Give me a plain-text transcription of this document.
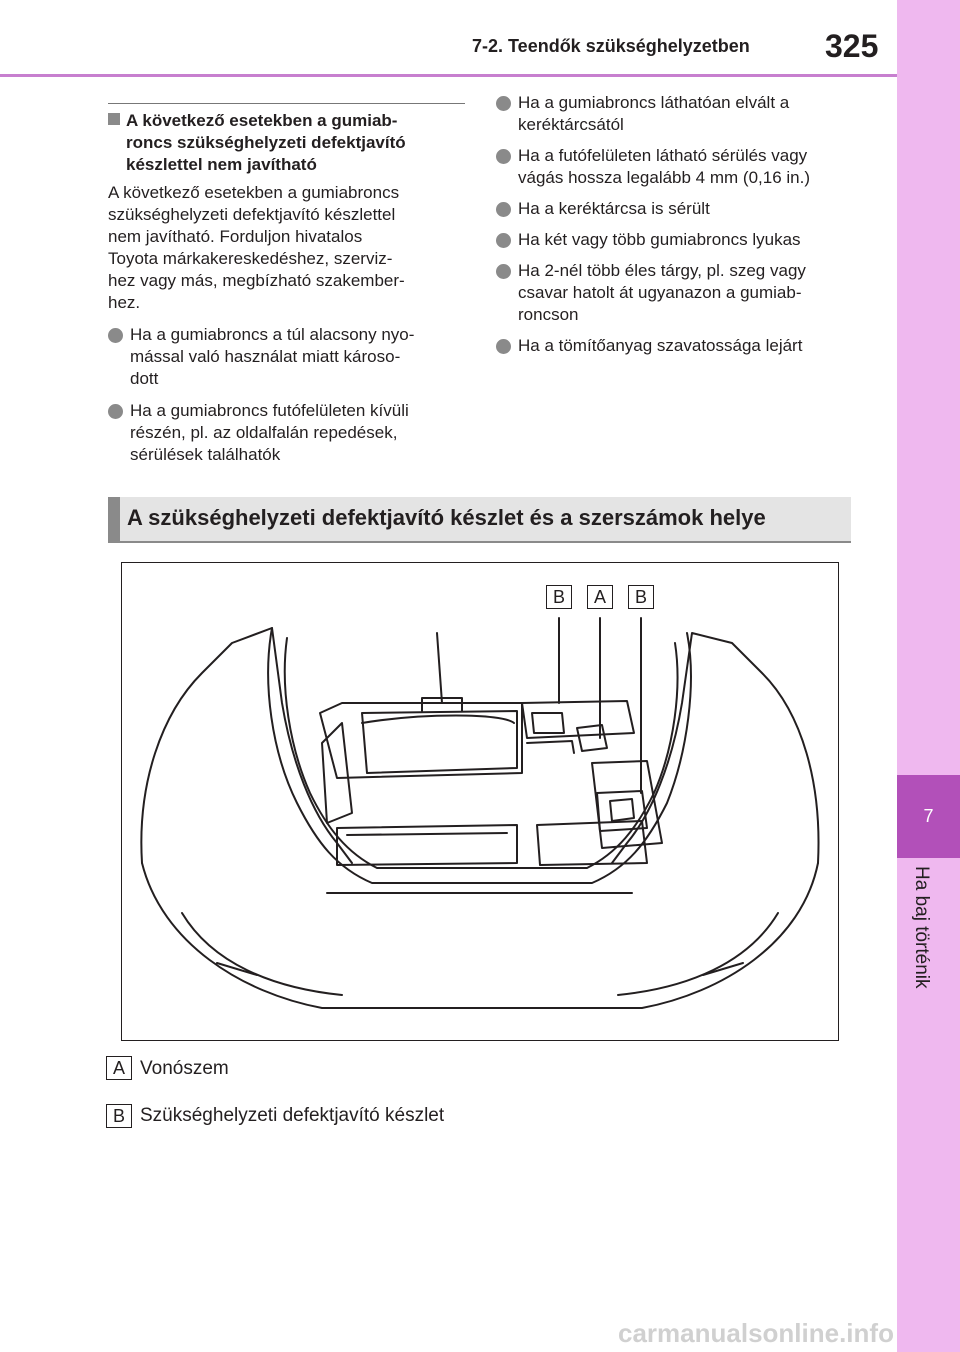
7-2. Teendők szükséghelyzetben 325
7
Ha baj történik
A következő esetekben a gumiab-
roncs szükséghelyzeti defektjavító
készlettel nem javítható
A következő esetekben a gumiabroncs
szükséghelyzeti defektjavító készlettel
nem javítható. Forduljon hivatalos
Toyota márkakereskedéshez, szerviz-
hez vagy más, megbízható szakember-
hez.
Ha a gumiabroncs a túl alacsony nyo-
mással való használat miatt károso-
dott
Ha a gumiabroncs futófelületen kívüli
részén, pl. az oldalfalán repedések,
sérülések találhatók
Ha a gumiabroncs láthatóan elvált a
keréktárcsától
Ha a futófelületen látható sérülés vagy
vágás hossza legalább 4 mm (0,16 in.)
Ha a keréktárcsa is sérült
Ha két vagy több gumiabroncs lyukas
Ha 2-nél több éles tárgy, pl. szeg vagy
csavar hatolt át ugyanazon a gumiab-
roncson
Ha a tömítőanyag szavatossága lejárt
A szükséghelyzeti defektjavító készlet és a szerszámok helye
B	A	B
A Vonószem
B Szükséghelyzeti defektjavító készlet
carmanualsonline.info
